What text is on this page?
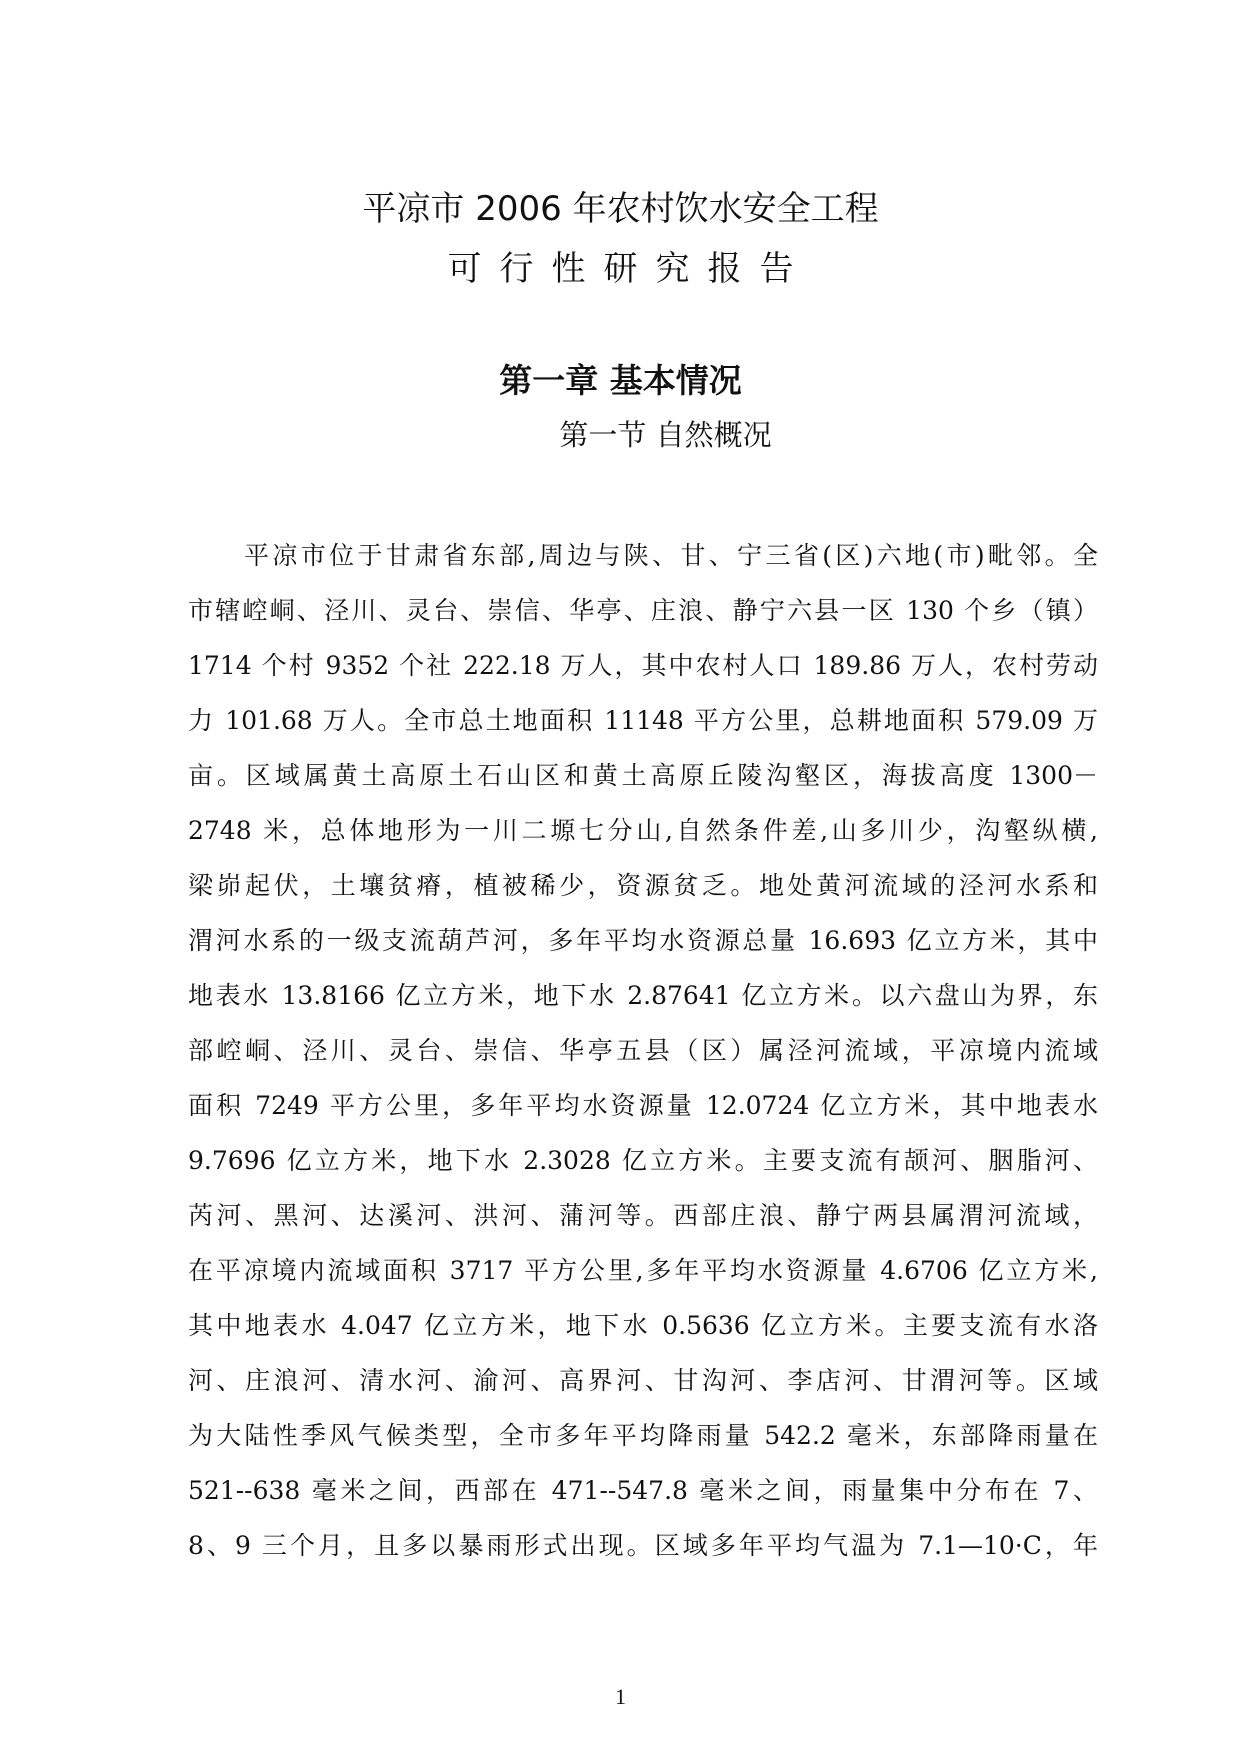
平凉市 2006 年农村饮水安全工程
可行性研究报告
第一章 基本情况
第一节 自然概况
平凉市位于甘肃省东部,周边与陕、甘、宁三省(区)六地(市)毗邻。全
市辖崆峒、泾川、灵台、崇信、华亭、庄浪、静宁六县一区 130 个乡（镇）
1714 个村 9352 个社 222.18 万人，其中农村人口 189.86 万人，农村劳动
力 101.68 万人。全市总土地面积 11148 平方公里，总耕地面积 579.09 万
亩。区域属黄土高原土石山区和黄土高原丘陵沟壑区，海拔高度 1300－
2748 米，总体地形为一川二塬七分山,自然条件差,山多川少，沟壑纵横,
梁峁起伏，土壤贫瘠，植被稀少，资源贫乏。地处黄河流域的泾河水系和
渭河水系的一级支流葫芦河，多年平均水资源总量 16.693 亿立方米，其中
地表水 13.8166 亿立方米，地下水 2.87641 亿立方米。以六盘山为界，东
部崆峒、泾川、灵台、崇信、华亭五县（区）属泾河流域，平凉境内流域
面积 7249 平方公里，多年平均水资源量 12.0724 亿立方米，其中地表水
9.7696 亿立方米，地下水 2.3028 亿立方米。主要支流有颉河、胭脂河、
芮河、黑河、达溪河、洪河、蒲河等。西部庄浪、静宁两县属渭河流域，
在平凉境内流域面积 3717 平方公里,多年平均水资源量 4.6706 亿立方米,
其中地表水 4.047 亿立方米，地下水 0.5636 亿立方米。主要支流有水洛
河、庄浪河、清水河、渝河、高界河、甘沟河、李店河、甘渭河等。区域
为大陆性季风气候类型，全市多年平均降雨量 542.2 毫米，东部降雨量在
521--638 毫米之间，西部在 471--547.8 毫米之间，雨量集中分布在 7、
8、9 三个月，且多以暴雨形式出现。区域多年平均气温为 7.1—10·C，年
1
